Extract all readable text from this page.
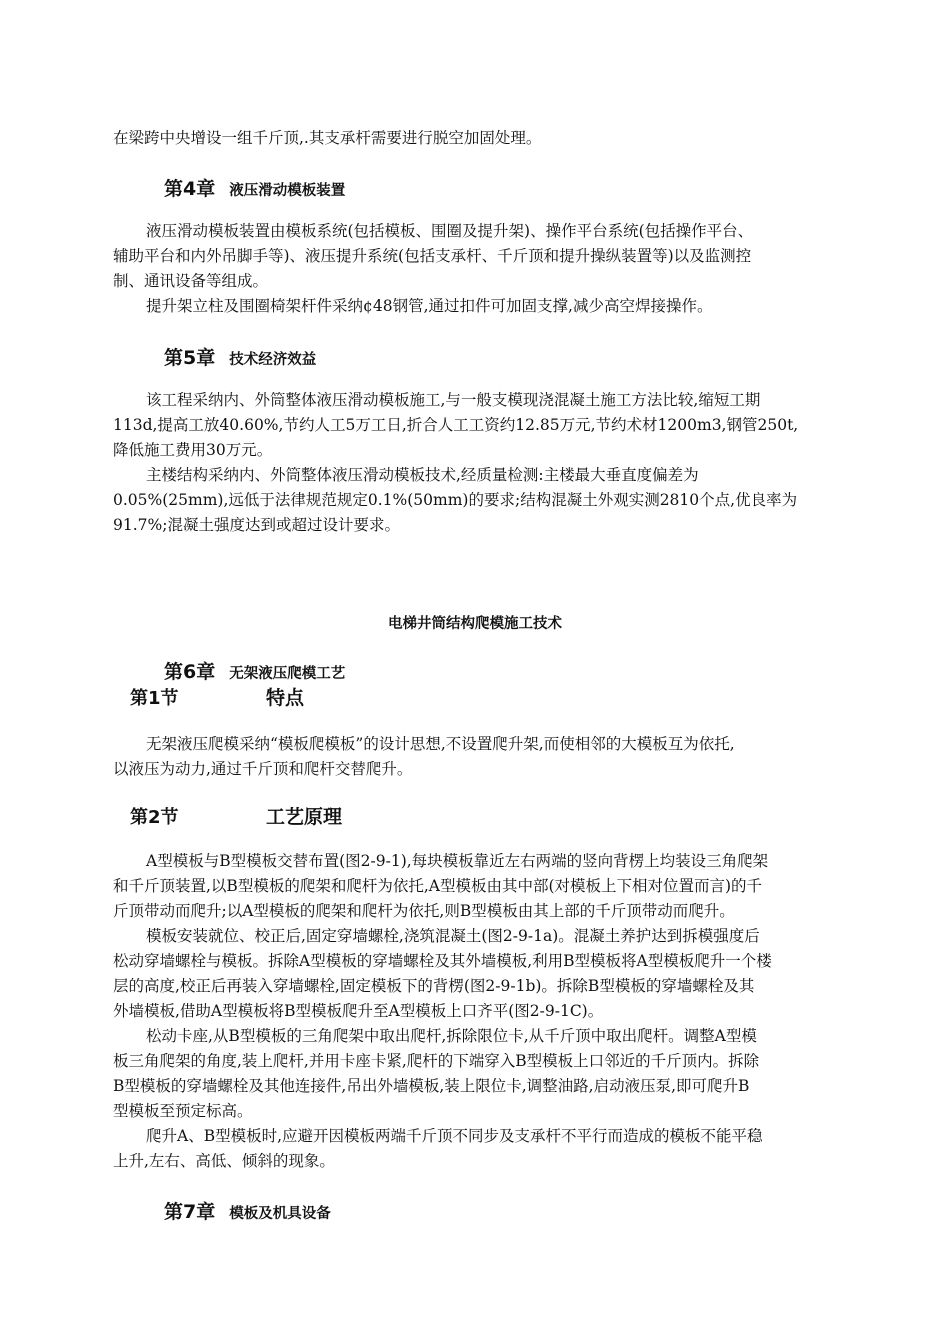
在梁跨中央增设一组千斤顶,.其支承杆需要进行脱空加固处理。
第4章 液压滑动模板装置
液压滑动模板装置由模板系统(包括模板、围圈及提升架)、操作平台系统(包括操作平台、
辅助平台和内外吊脚手等)、液压提升系统(包括支承杆、千斤顶和提升操纵装置等)以及监测控
制、通讯设备等组成。
提升架立柱及围圈椅架杆件采纳¢48钢管,通过扣件可加固支撑,减少高空焊接操作。
第5章 技术经济效益
该工程采纳内、外筒整体液压滑动模板施工,与一般支模现浇混凝土施工方法比较,缩短工期
113d,提高工放40.60%,节约人工5万工日,折合人工工资约12.85万元,节约术材1200m3,钢管250t,
降低施工费用30万元。
主楼结构采纳内、外筒整体液压滑动模板技术,经质量检测:主楼最大垂直度偏差为
0.05%(25mm),远低于法律规范规定0.1%(50mm)的要求;结构混凝土外观实测2810个点,优良率为
91.7%;混凝土强度达到或超过设计要求。
电梯井筒结构爬模施工技术
第6章 无架液压爬模工艺
第1节	特点
无架液压爬模采纳“模板爬模板”的设计思想,不设置爬升架,而使相邻的大模板互为依托,
以液压为动力,通过千斤顶和爬杆交替爬升。
第2节	工艺原理
A型模板与B型模板交替布置(图2-9-1),每块模板靠近左右两端的竖向背楞上均装设三角爬架
和千斤顶装置,以B型模板的爬架和爬杆为依托,A型模板由其中部(对模板上下相对位置而言)的千
斤顶带动而爬升;以A型模板的爬架和爬杆为依托,则B型模板由其上部的千斤顶带动而爬升。
模板安装就位、校正后,固定穿墙螺栓,浇筑混凝土(图2-9-1a)。混凝土养护达到拆模强度后
松动穿墙螺栓与模板。拆除A型模板的穿墙螺栓及其外墙模板,利用B型模板将A型模板爬升一个楼
层的高度,校正后再装入穿墙螺栓,固定模板下的背楞(图2-9-1b)。拆除B型模板的穿墙螺栓及其
外墙模板,借助A型模板将B型模板爬升至A型模板上口齐平(图2-9-1C)。
松动卡座,从B型模板的三角爬架中取出爬杆,拆除限位卡,从千斤顶中取出爬杆。调整A型模
板三角爬架的角度,装上爬杆,并用卡座卡紧,爬杆的下端穿入B型模板上口邻近的千斤顶内。拆除
B型模板的穿墙螺栓及其他连接件,吊出外墙模板,装上限位卡,调整油路,启动液压泵,即可爬升B
型模板至预定标高。
爬升A、B型模板时,应避开因模板两端千斤顶不同步及支承杆不平行而造成的模板不能平稳
上升,左右、高低、倾斜的现象。
第7章 模板及机具设备
